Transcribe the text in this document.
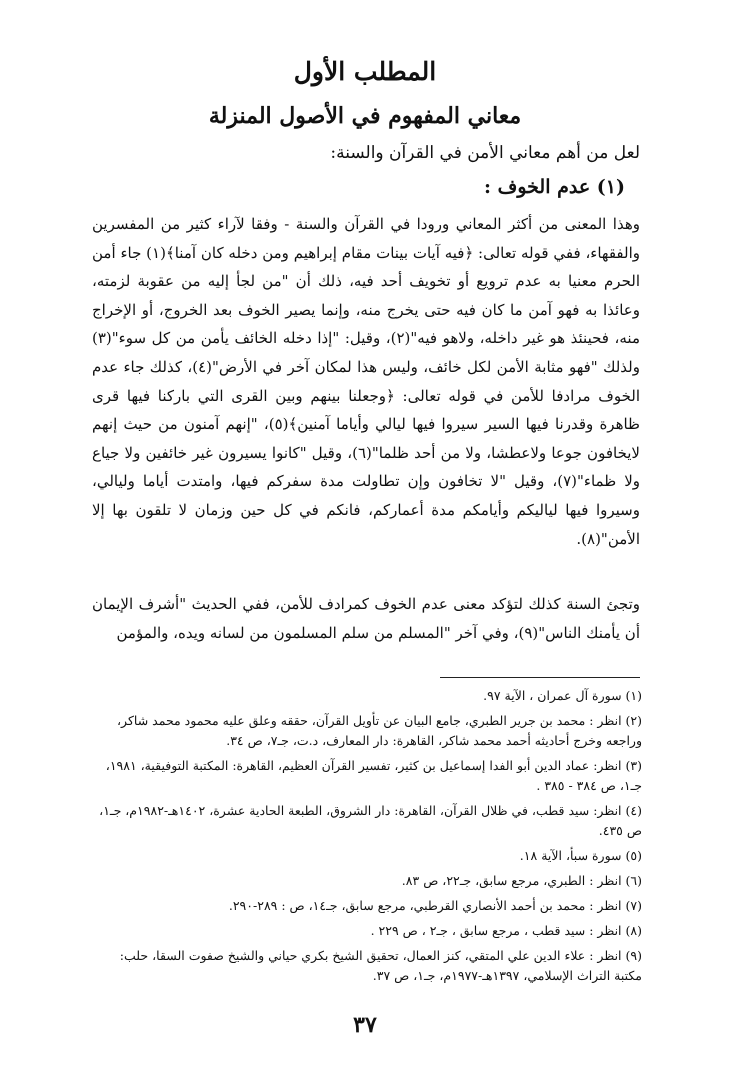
المطلب الأول
معاني المفهوم في الأصول المنزلة
لعل من أهم معاني الأمن في القرآن والسنة:
(١) عدم الخوف :
وهذا المعنى من أكثر المعاني ورودا في القرآن والسنة - وفقا لآراء كثير من المفسرين والفقهاء، ففي قوله تعالى: ﴿فيه آيات بينات مقام إبراهيم ومن دخله كان آمنا﴾(١) جاء أمن الحرم معنيا به عدم ترويع أو تخويف أحد فيه، ذلك أن "من لجأ إليه من عقوبة لزمته، وعائذا به فهو آمن ما كان فيه حتى يخرج منه، وإنما يصير الخوف بعد الخروج، أو الإخراج منه، فحينئذ هو غير داخله، ولاهو فيه"(٢)، وقيل: "إذا دخله الخائف يأمن من كل سوء"(٣) ولذلك "فهو مثابة الأمن لكل خائف، وليس هذا لمكان آخر في الأرض"(٤)، كذلك جاء عدم الخوف مرادفا للأمن في قوله تعالى: ﴿وجعلنا بينهم وبين القرى التي باركنا فيها قرى ظاهرة وقدرنا فيها السير سيروا فيها ليالي وأياما آمنين﴾(٥)، "إنهم آمنون من حيث إنهم لايخافون جوعا ولاعطشا، ولا من أحد ظلما"(٦)، وقيل "كانوا يسيرون غير خائفين ولا جياع ولا ظماء"(٧)، وقيل "لا تخافون وإن تطاولت مدة سفركم فيها، وامتدت أياما وليالي، وسيروا فيها لياليكم وأيامكم مدة أعماركم، فانكم في كل حين وزمان لا تلقون بها إلا الأمن"(٨).
وتجئ السنة كذلك لتؤكد معنى عدم الخوف كمرادف للأمن، ففي الحديث "أشرف الإيمان أن يأمنك الناس"(٩)، وفي آخر "المسلم من سلم المسلمون من لسانه ويده، والمؤمن
(١) سورة آل عمران ، الآية ٩٧.
(٢) انظر : محمد بن جرير الطبري، جامع البيان عن تأويل القرآن، حققه وعلق عليه محمود محمد شاكر، وراجعه وخرج أحاديثه أحمد محمد شاكر، القاهرة: دار المعارف، د.ت، جـ٧، ص ٣٤.
(٣) انظر: عماد الدين أبو الفدا إسماعيل بن كثير، تفسير القرآن العظيم، القاهرة: المكتبة التوفيقية، ١٩٨١، جـ١، ص ٣٨٤ - ٣٨٥ .
(٤) انظر: سيد قطب، في ظلال القرآن، القاهرة: دار الشروق، الطبعة الحادية عشرة، ١٤٠٢هـ-١٩٨٢م، جـ١، ص ٤٣٥.
(٥) سورة سبأ، الآية ١٨.
(٦) انظر : الطبري، مرجع سابق، جـ٢٢، ص ٨٣.
(٧) انظر : محمد بن أحمد الأنصاري القرطبي، مرجع سابق، جـ١٤، ص : ٢٨٩-٢٩٠.
(٨) انظر : سيد قطب ، مرجع سابق ، جـ٢ ، ص ٢٢٩ .
(٩) انظر : علاء الدين علي المتقي، كنز العمال، تحقيق الشيخ بكري حياني والشيخ صفوت السقا، حلب: مكتبة التراث الإسلامي، ١٣٩٧هـ-١٩٧٧م، جـ١، ص ٣٧.
٣٧
